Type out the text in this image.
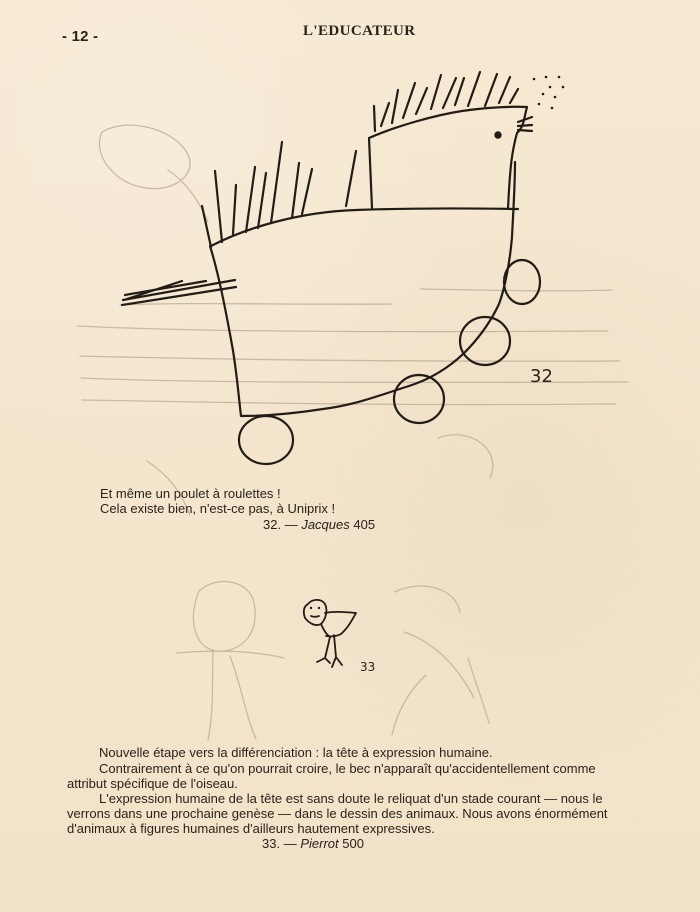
- 12 -	L'EDUCATEUR
32
Et même un poulet à roulettes !
Cela existe bien, n'est-ce pas, à Uniprix !
32. — Jacques 405
33
Nouvelle étape vers la différenciation : la tête à expression humaine.
Contrairement à ce qu'on pourrait croire, le bec n'apparaît qu'accidentellement comme attribut spécifique de l'oiseau.
L'expression humaine de la tête est sans doute le reliquat d'un stade courant — nous le verrons dans une prochaine genèse — dans le dessin des animaux. Nous avons énormément d'animaux à figures humaines d'ailleurs hautement expressives.
33. — Pierrot 500
